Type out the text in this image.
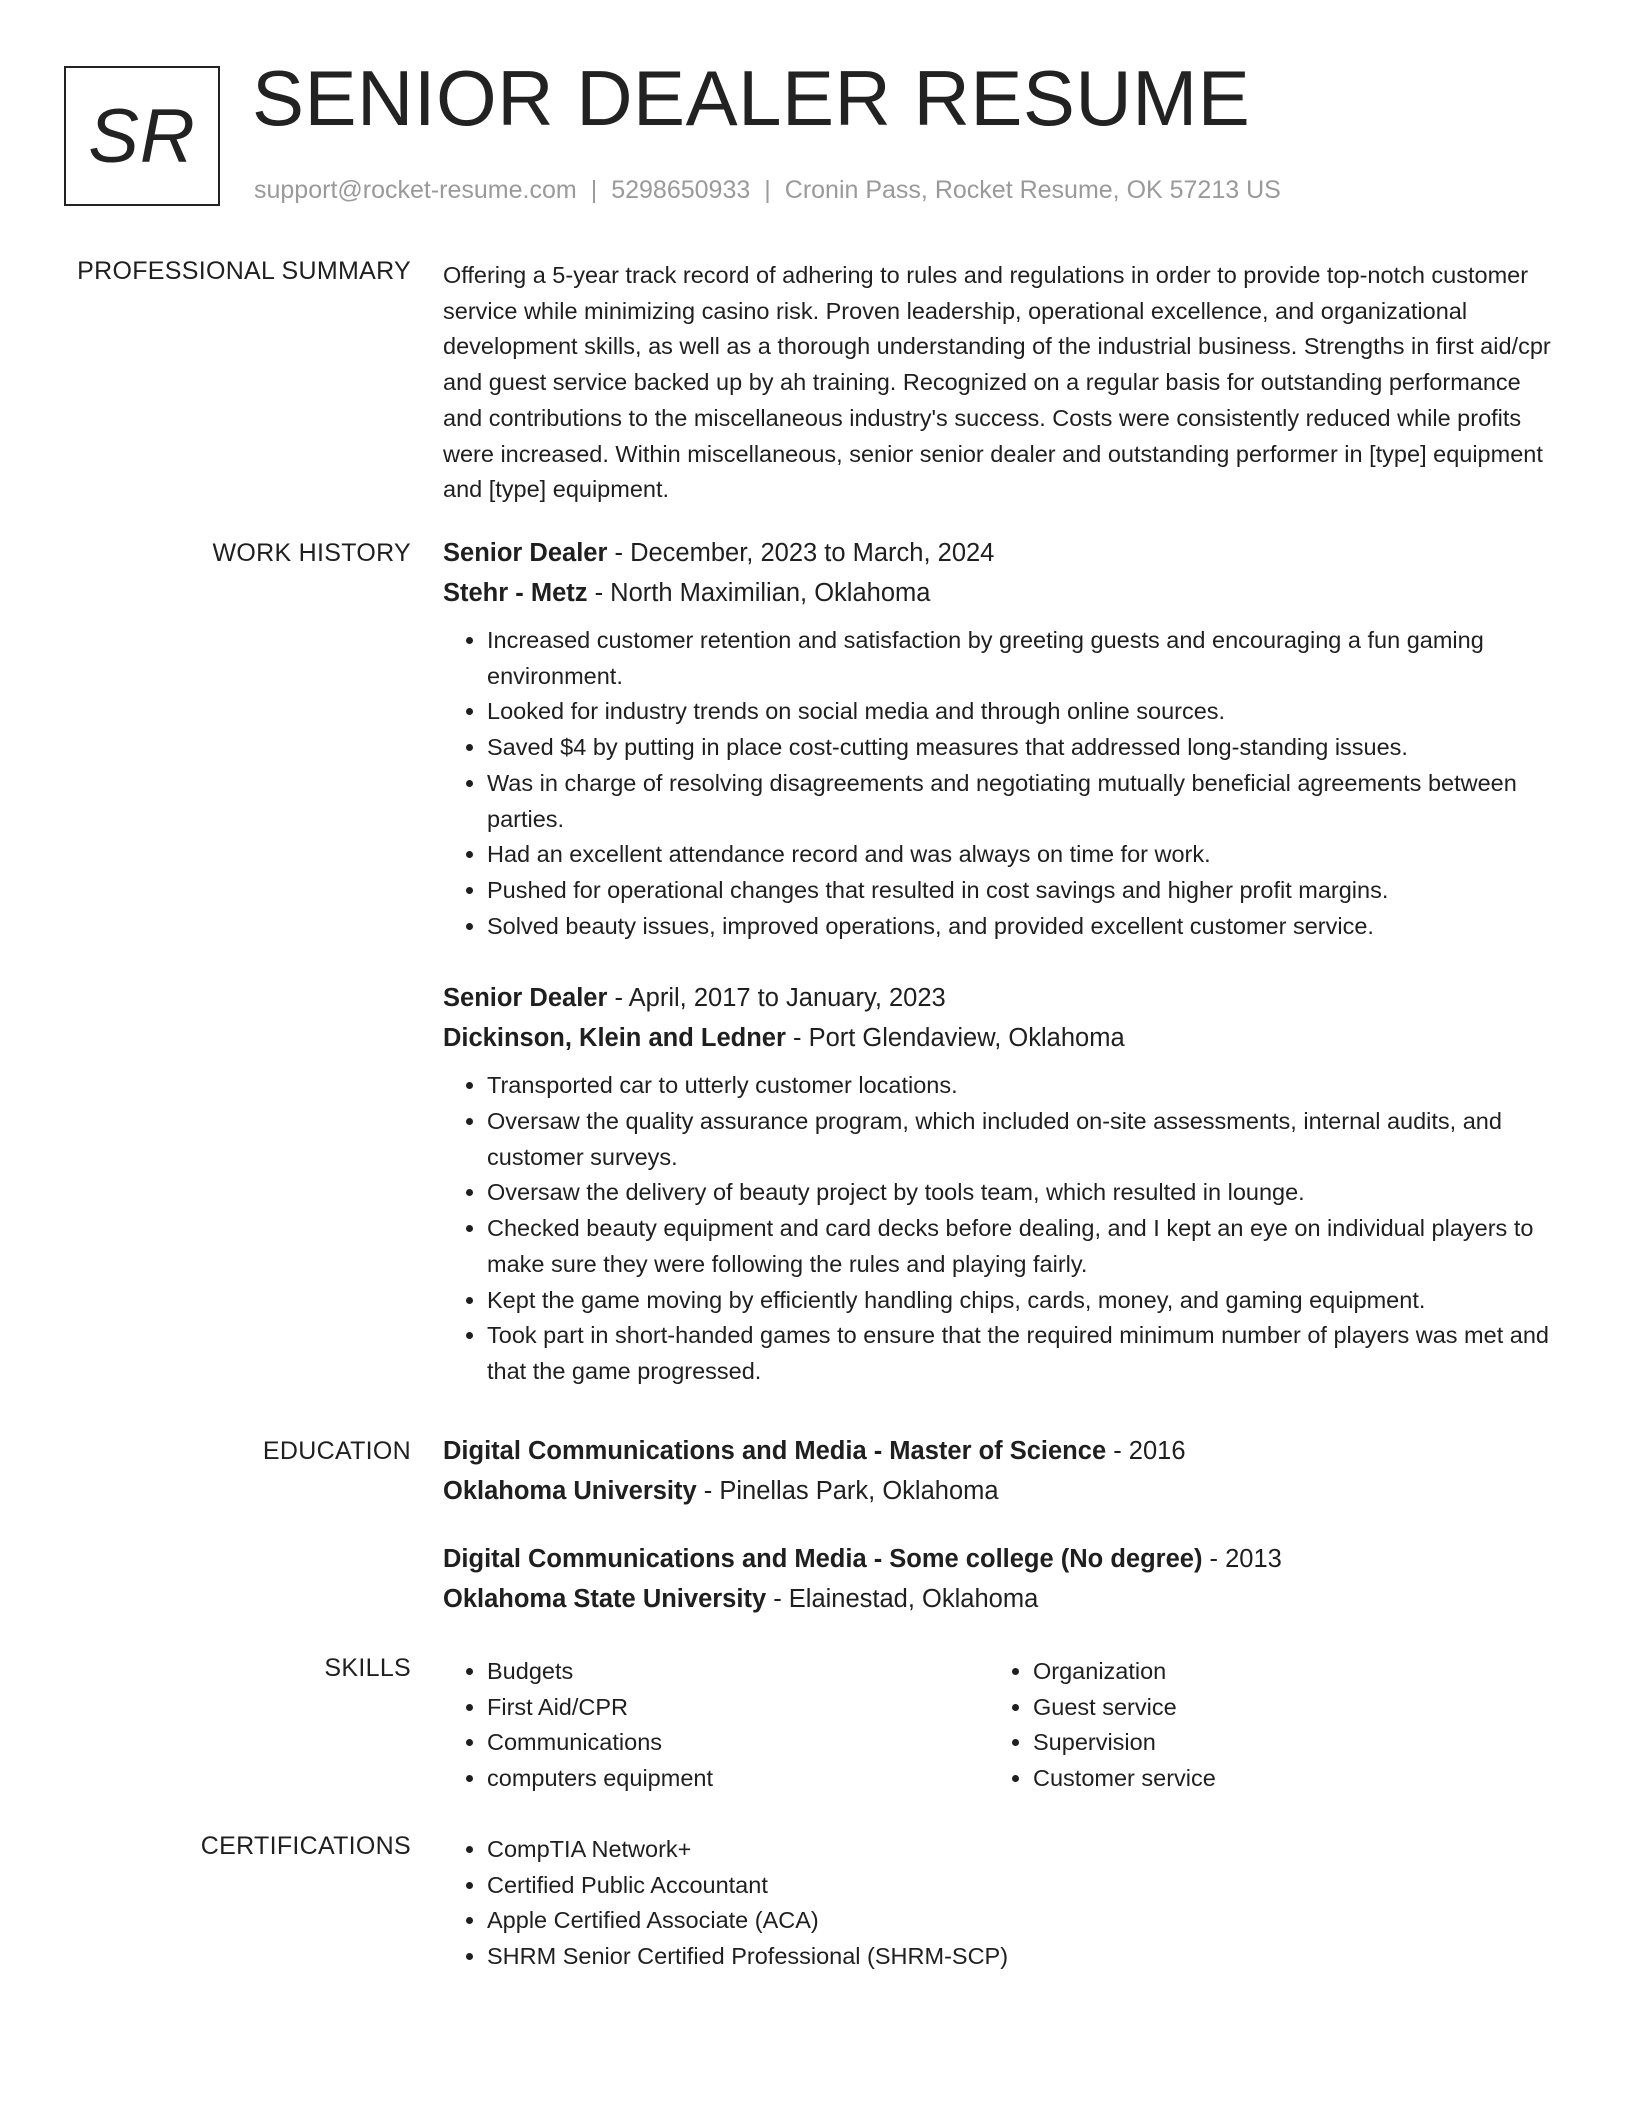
SR SENIOR DEALER RESUME
support@rocket-resume.com | 5298650933 | Cronin Pass, Rocket Resume, OK 57213 US
PROFESSIONAL SUMMARY Offering a 5-year track record of adhering to rules and regulations in order to provide top-notch customer service while minimizing casino risk. Proven leadership, operational excellence, and organizational development skills, as well as a thorough understanding of the industrial business. Strengths in first aid/cpr and guest service backed up by ah training. Recognized on a regular basis for outstanding performance and contributions to the miscellaneous industry's success. Costs were consistently reduced while profits were increased. Within miscellaneous, senior senior dealer and outstanding performer in [type] equipment and [type] equipment.

WORK HISTORY Senior Dealer - December, 2023 to March, 2024
Stehr - Metz - North Maximilian, Oklahoma
• Increased customer retention and satisfaction by greeting guests and encouraging a fun gaming environment.
• Looked for industry trends on social media and through online sources.
• Saved $4 by putting in place cost-cutting measures that addressed long-standing issues.
• Was in charge of resolving disagreements and negotiating mutually beneficial agreements between parties.
• Had an excellent attendance record and was always on time for work.
• Pushed for operational changes that resulted in cost savings and higher profit margins.
• Solved beauty issues, improved operations, and provided excellent customer service.
Senior Dealer - April, 2017 to January, 2023
Dickinson, Klein and Ledner - Port Glendaview, Oklahoma
• Transported car to utterly customer locations.
• Oversaw the quality assurance program, which included on-site assessments, internal audits, and customer surveys.
• Oversaw the delivery of beauty project by tools team, which resulted in lounge.
• Checked beauty equipment and card decks before dealing, and I kept an eye on individual players to make sure they were following the rules and playing fairly.
• Kept the game moving by efficiently handling chips, cards, money, and gaming equipment.
• Took part in short-handed games to ensure that the required minimum number of players was met and that the game progressed.
EDUCATION Digital Communications and Media - Master of Science - 2016
Oklahoma University - Pinellas Park, Oklahoma
Digital Communications and Media - Some college (No degree) - 2013
Oklahoma State University - Elainestad, Oklahoma
SKILLS	• Budgets
• First Aid/CPR
• Communications
• computers equipment
• Organization
• Guest service
• Supervision
• Customer service
CERTIFICATIONS	• CompTIA Network+
• Certified Public Accountant
• Apple Certified Associate (ACA)
• SHRM Senior Certified Professional (SHRM-SCP)
